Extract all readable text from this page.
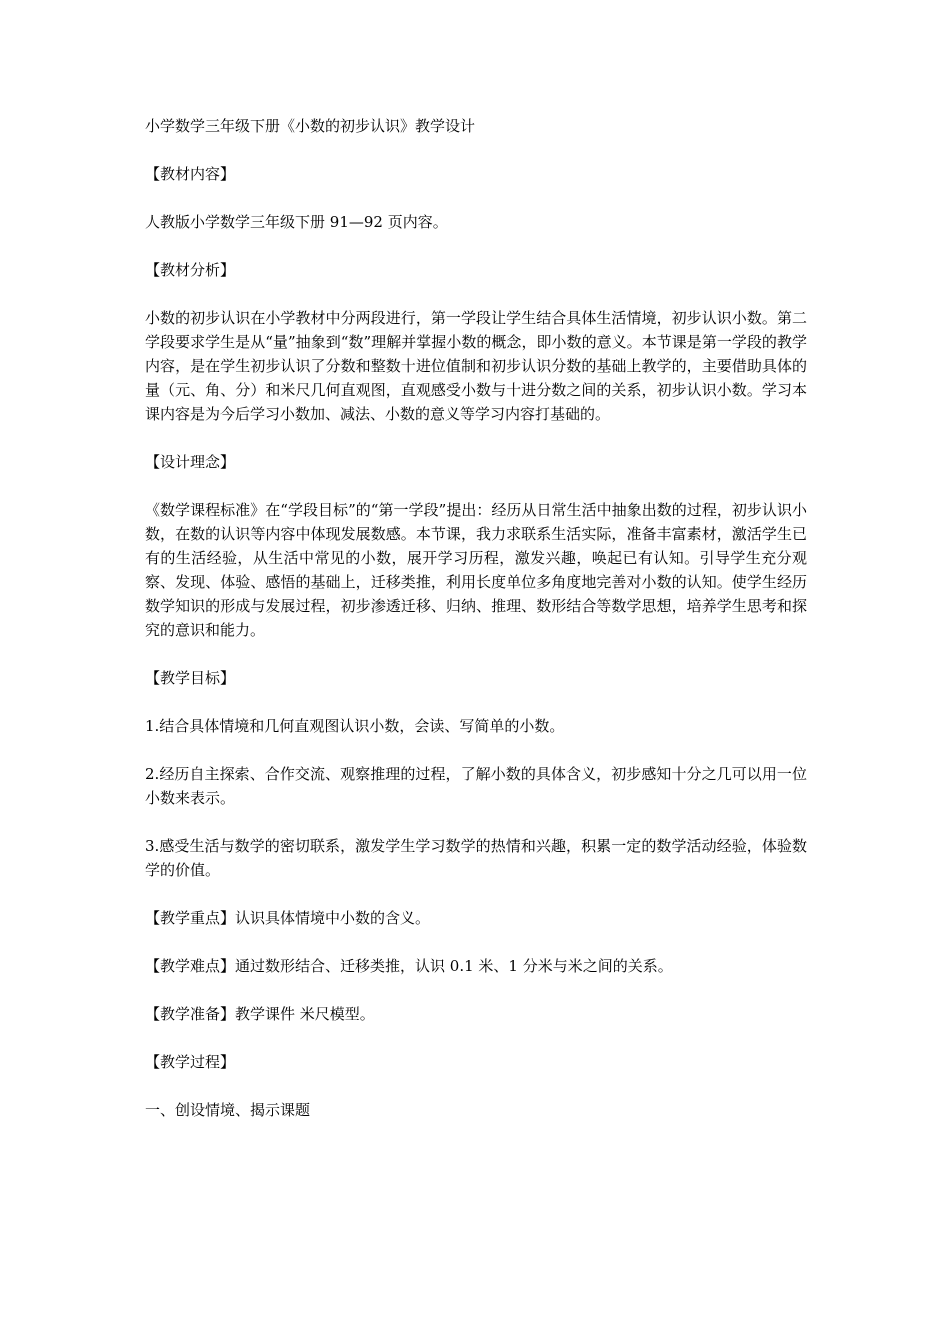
小学数学三年级下册《小数的初步认识》教学设计

【教材内容】

人教版小学数学三年级下册 91—92 页内容。

【教材分析】

小数的初步认识在小学教材中分两段进行，第一学段让学生结合具体生活情境，初步认识小数。第二学段要求学生是从“量”抽象到“数”理解并掌握小数的概念，即小数的意义。本节课是第一学段的教学内容，是在学生初步认识了分数和整数十进位值制和初步认识分数的基础上教学的，主要借助具体的量（元、角、分）和米尺几何直观图，直观感受小数与十进分数之间的关系，初步认识小数。学习本课内容是为今后学习小数加、减法、小数的意义等学习内容打基础的。

【设计理念】

《数学课程标准》在“学段目标”的“第一学段”提出：经历从日常生活中抽象出数的过程，初步认识小数，在数的认识等内容中体现发展数感。本节课，我力求联系生活实际，准备丰富素材，激活学生已有的生活经验，从生活中常见的小数，展开学习历程，激发兴趣，唤起已有认知。引导学生充分观察、发现、体验、感悟的基础上，迁移类推，利用长度单位多角度地完善对小数的认知。使学生经历数学知识的形成与发展过程，初步渗透迁移、归纳、推理、数形结合等数学思想，培养学生思考和探究的意识和能力。

【教学目标】

1.结合具体情境和几何直观图认识小数，会读、写简单的小数。

2.经历自主探索、合作交流、观察推理的过程，了解小数的具体含义，初步感知十分之几可以用一位小数来表示。

3.感受生活与数学的密切联系，激发学生学习数学的热情和兴趣，积累一定的数学活动经验，体验数学的价值。

【教学重点】认识具体情境中小数的含义。

【教学难点】通过数形结合、迁移类推，认识 0.1 米、1 分米与米之间的关系。

【教学准备】教学课件 米尺模型。

【教学过程】

一、创设情境、揭示课题
